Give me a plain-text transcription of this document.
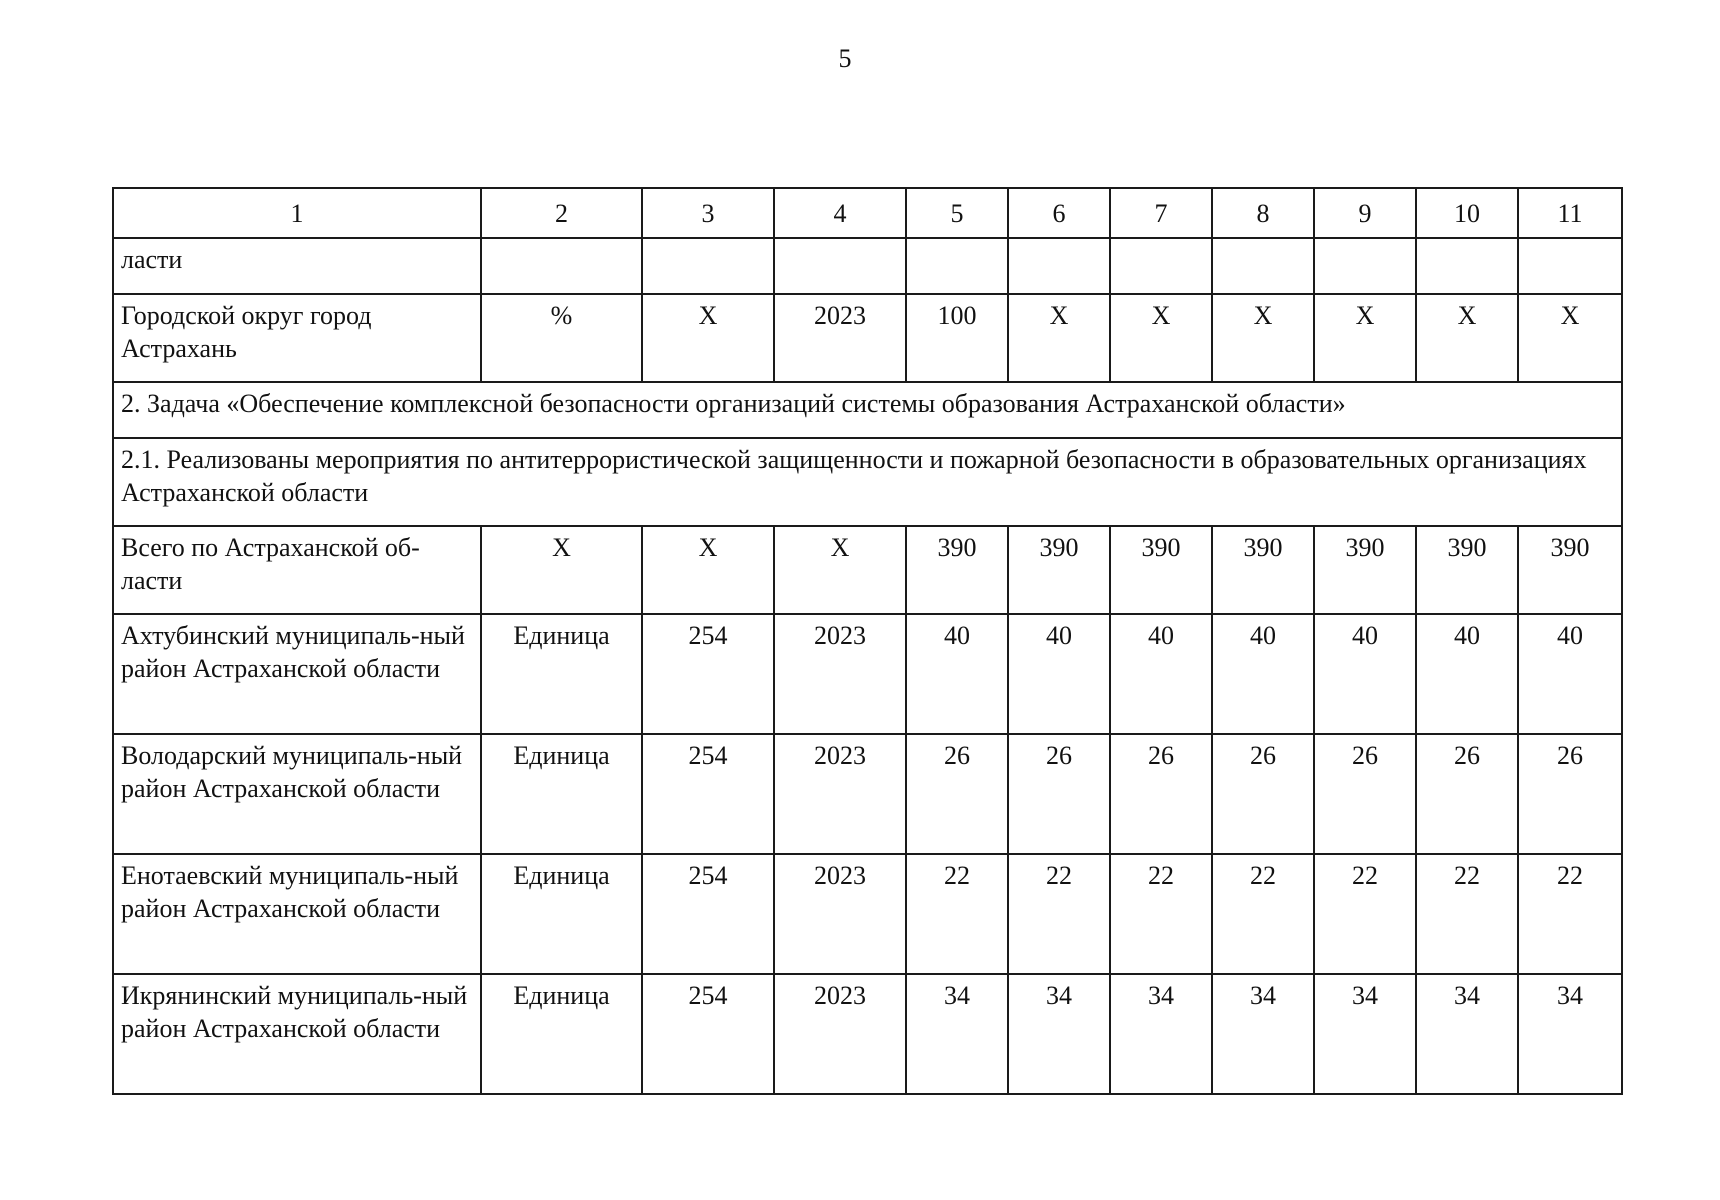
5
1	2	3	4	5	6	7	8	9	10	11
ласти										
Городской округ город Астрахань	%	Х	2023	100	Х	Х	Х	Х	Х	Х
2. Задача «Обеспечение комплексной безопасности организаций системы образования Астраханской области»										
2.1. Реализованы мероприятия по антитеррористической защищенности и пожарной безопасности в образовательных организациях Астраханской области										
Всего по Астраханской об-ласти	Х	Х	Х	390	390	390	390	390	390	390
Ахтубинский муниципаль-ный район Астраханской области	Единица	254	2023	40	40	40	40	40	40	40
Володарский муниципаль-ный район Астраханской области	Единица	254	2023	26	26	26	26	26	26	26
Енотаевский муниципаль-ный район Астраханской области	Единица	254	2023	22	22	22	22	22	22	22
Икрянинский муниципаль-ный район Астраханской области	Единица	254	2023	34	34	34	34	34	34	34
